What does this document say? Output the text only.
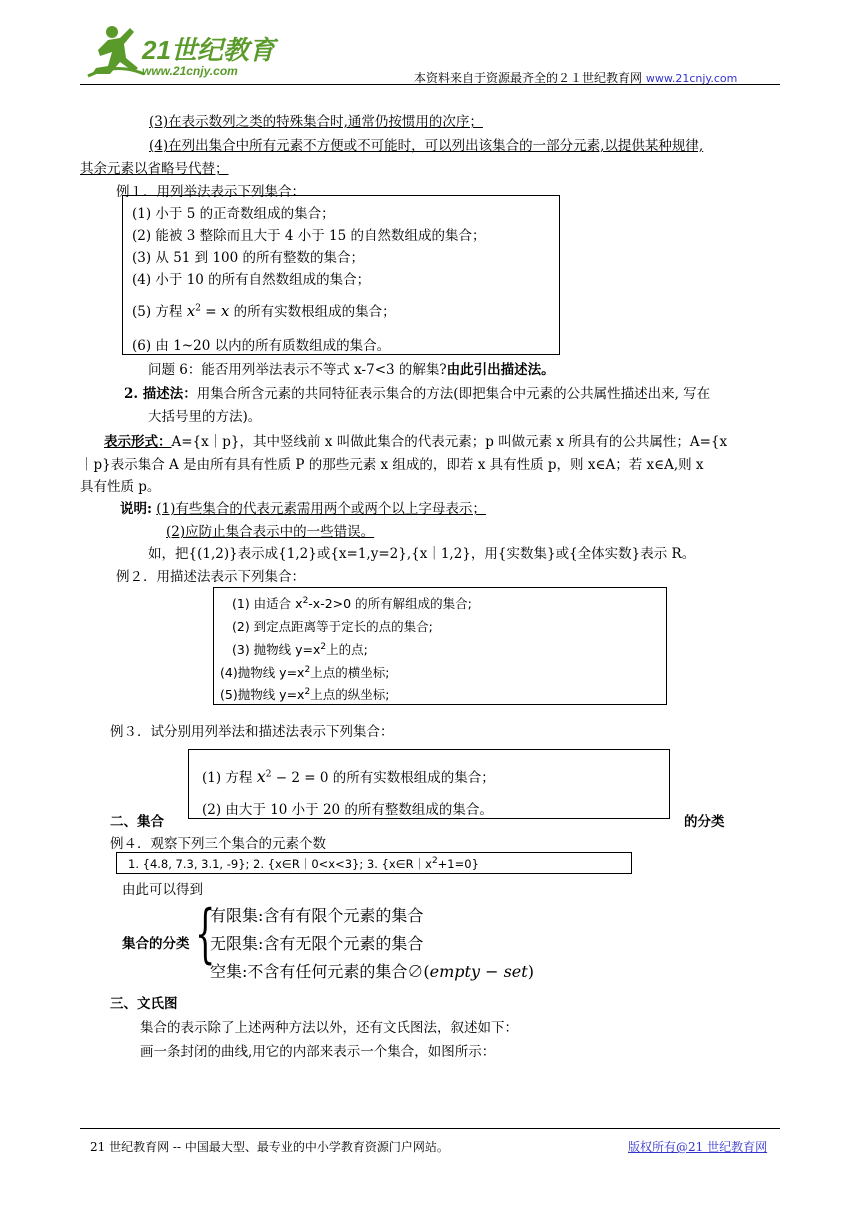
21世纪教育
www.21cnjy.com	本资料来自于资源最齐全的２１世纪教育网 www.21cnjy.com
(3)在表示数列之类的特殊集合时,通常仍按惯用的次序；
(4)在列出集合中所有元素不方便或不可能时，可以列出该集合的一部分元素,以提供某种规律,
其余元素以省略号代替；
例１．用列举法表示下列集合：
(1) 小于 5 的正奇数组成的集合；
(2) 能被 3 整除而且大于 4 小于 15 的自然数组成的集合；
(3) 从 51 到 100 的所有整数的集合；
(4) 小于 10 的所有自然数组成的集合；
(5) 方程 $x^2 = x$ 的所有实数根组成的集合；
(6) 由 1~20 以内的所有质数组成的集合。
问题 6：能否用列举法表示不等式 x-7<3 的解集?由此引出描述法。
2. 描述法：用集合所含元素的共同特征表示集合的方法(即把集合中元素的公共属性描述出来, 写在
大括号里的方法)。
表示形式：A={x｜p}，其中竖线前 x 叫做此集合的代表元素；p 叫做元素 x 所具有的公共属性；A={x
｜p}表示集合 A 是由所有具有性质 P 的那些元素 x 组成的，即若 x 具有性质 p，则 x∈A；若 x∈A,则 x
具有性质 p。
说明: (1)有些集合的代表元素需用两个或两个以上字母表示；
(2)应防止集合表示中的一些错误。
如，把{(1,2)}表示成{1,2}或{x=1,y=2},{x｜1,2}，用{实数集}或{全体实数}表示 R。
例２．用描述法表示下列集合：
(1) 由适合 $x^2-x-2>0$ 的所有解组成的集合;
(2) 到定点距离等于定长的点的集合;
(3) 抛物线 $y=x^2$上的点;
(4)抛物线 $y=x^2$上点的横坐标;
(5)抛物线 $y=x^2$上点的纵坐标;
例３．试分别用列举法和描述法表示下列集合：
(1) 方程 $x^2 - 2 = 0$ 的所有实数根组成的集合；
(2) 由大于 10 小于 20 的所有整数组成的集合。
二、集合	的分类
例４．观察下列三个集合的元素个数
1. {4.8, 7.3, 3.1, -9}; 2. {x∈R｜0<x<3}; 3. $\{x\in R|x^2+1=0\}$
由此可以得到
集合的分类 {
有限集:含有有限个元素的集合
无限集:含有无限个元素的集合
空集:不含有任何元素的集合∅(empty − set)
三、文氏图
集合的表示除了上述两种方法以外，还有文氏图法，叙述如下：
画一条封闭的曲线,用它的内部来表示一个集合，如图所示：
21 世纪教育网 -- 中国最大型、最专业的中小学教育资源门户网站。	版权所有@21 世纪教育网
